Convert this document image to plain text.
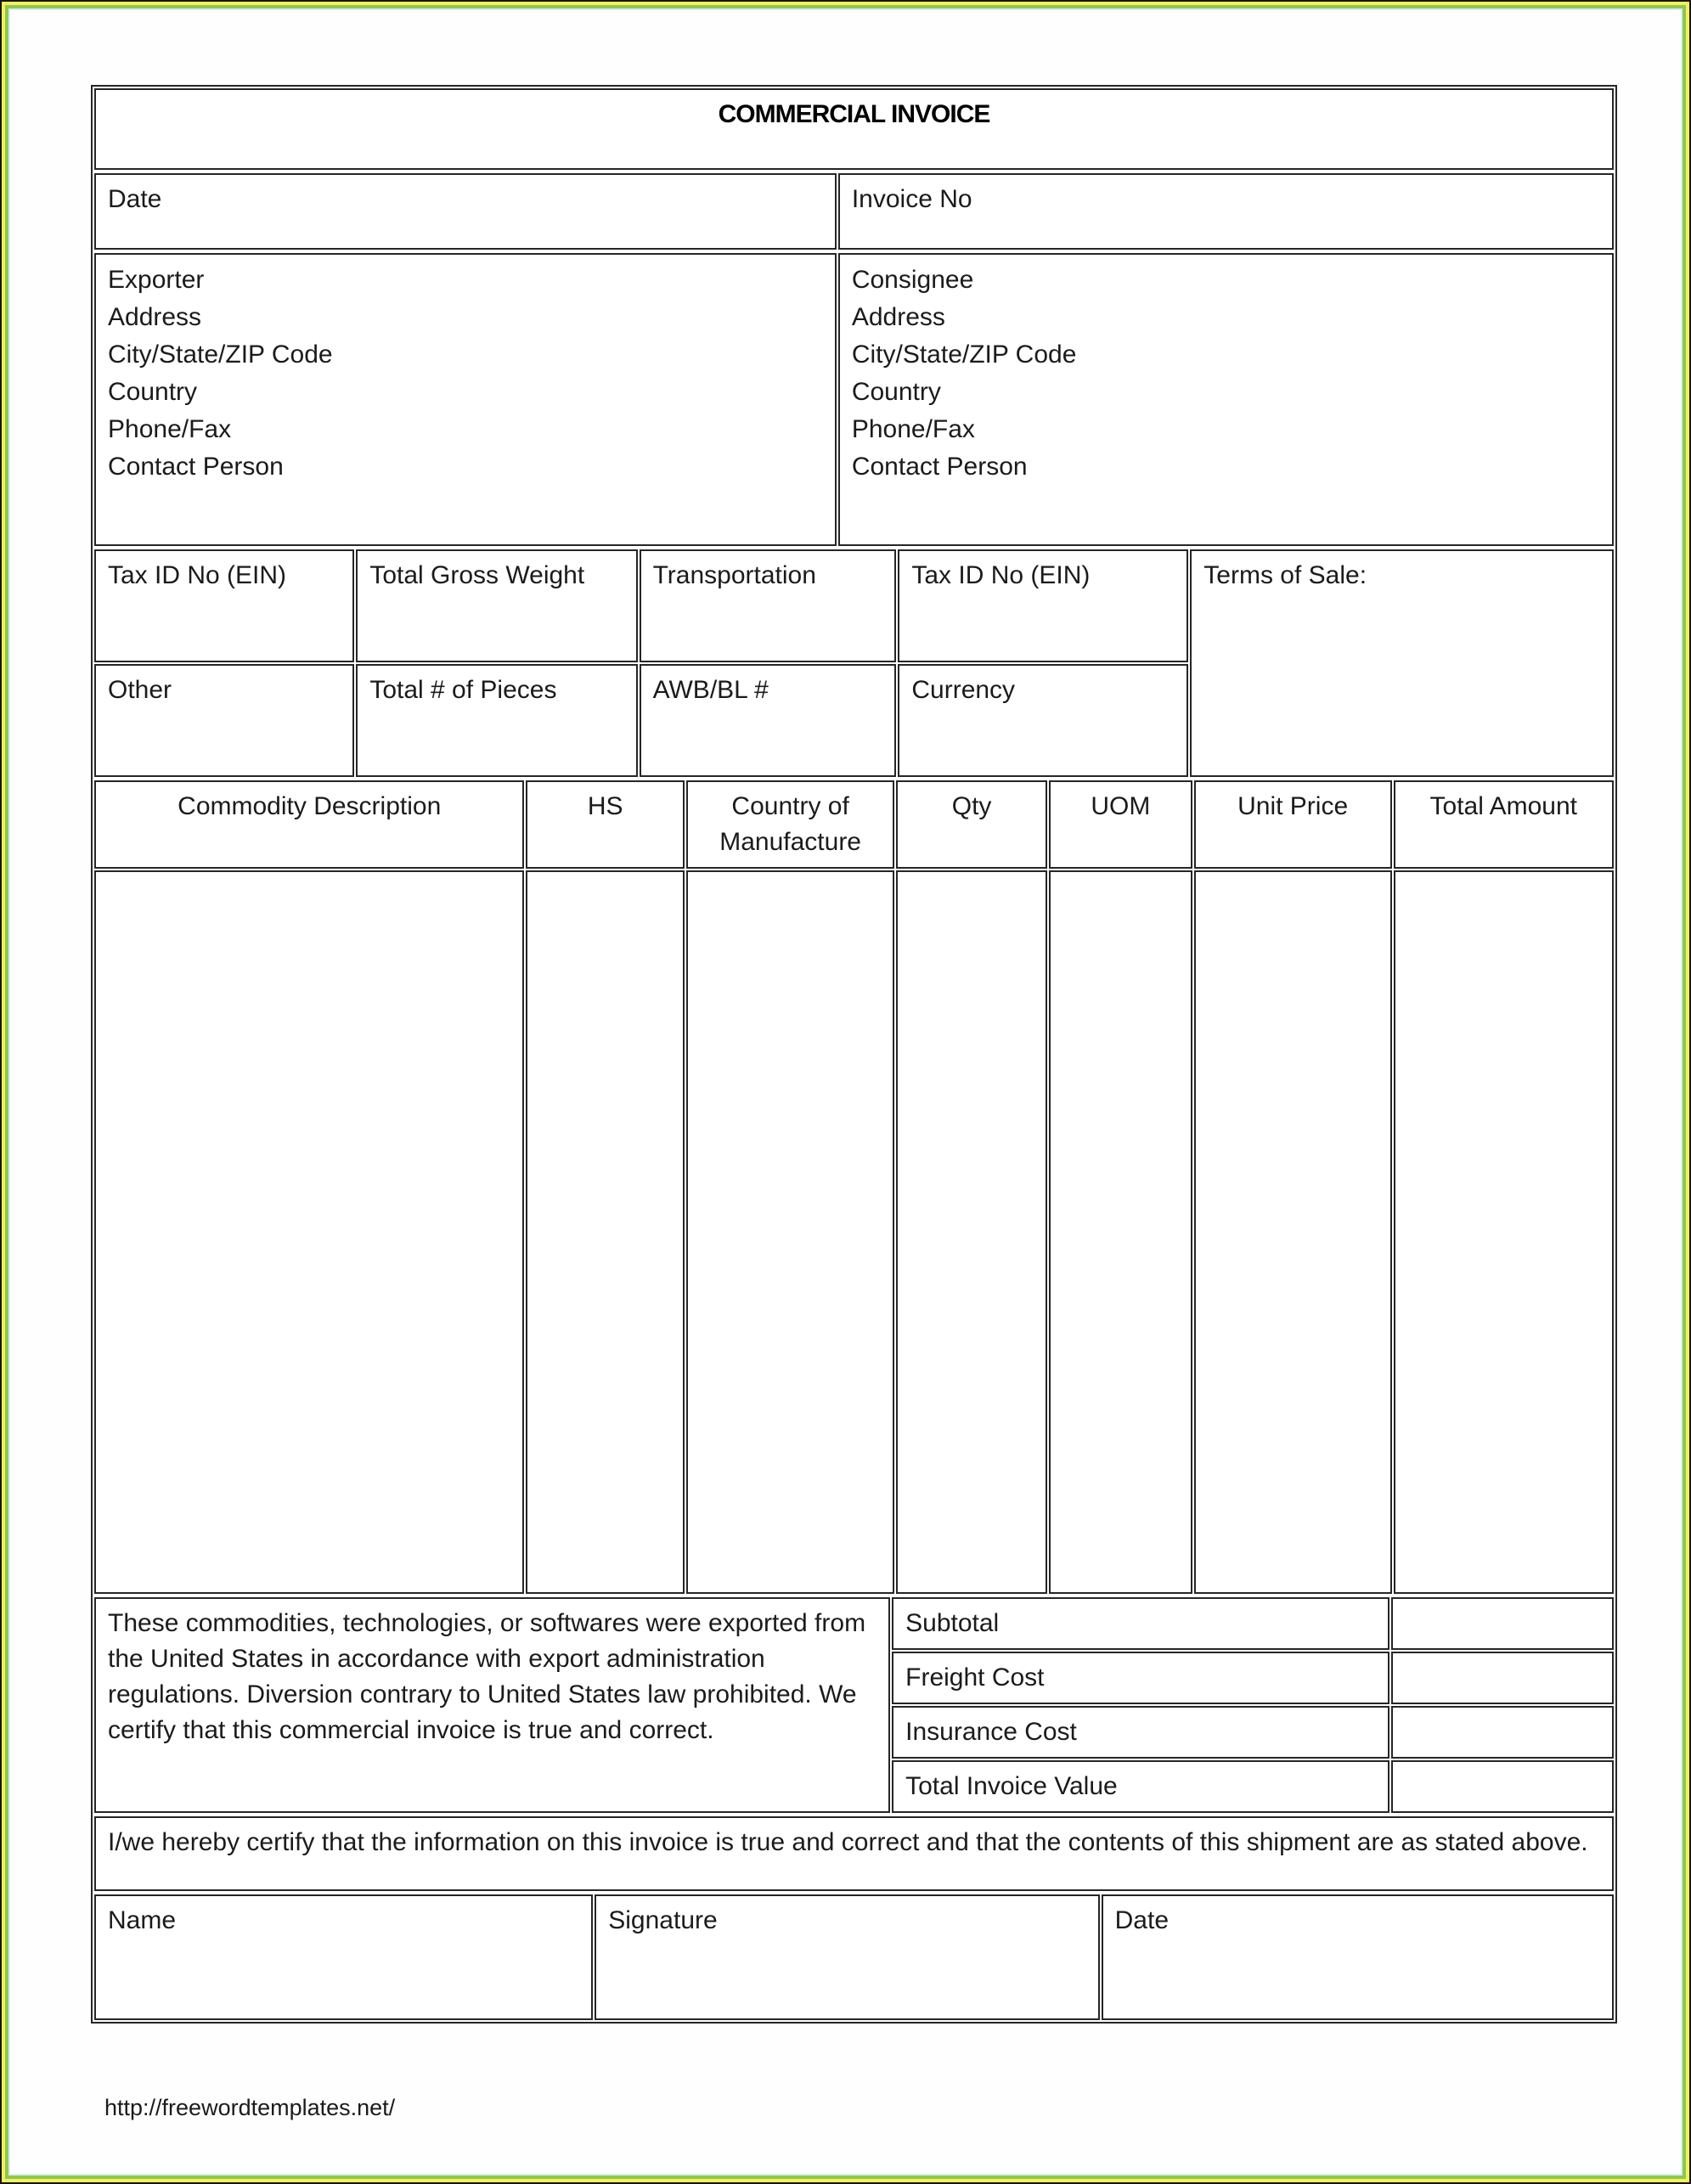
COMMERCIAL INVOICE
Date	Invoice No
Exporter
Address
City/State/ZIP Code
Country
Phone/Fax
Contact Person

Consignee
Address
City/State/ZIP Code
Country
Phone/Fax
Contact Person
Tax ID No (EIN)	Total Gross Weight	Transportation	Tax ID No (EIN)	Terms of Sale:
Other	Total # of Pieces	AWB/BL #	Currency	
Commodity Description	HS	Country of Manufacture	Qty	UOM	Unit Price	Total Amount

These commodities, technologies, or softwares were exported from the United States in accordance with export administration regulations. Diversion contrary to United States law prohibited. We certify that this commercial invoice is true and correct.	Subtotal	
	Freight Cost	
	Insurance Cost	
	Total Invoice Value	
I/we hereby certify that the information on this invoice is true and correct and that the contents of this shipment are as stated above.
Name	Signature	Date
http://freewordtemplates.net/
